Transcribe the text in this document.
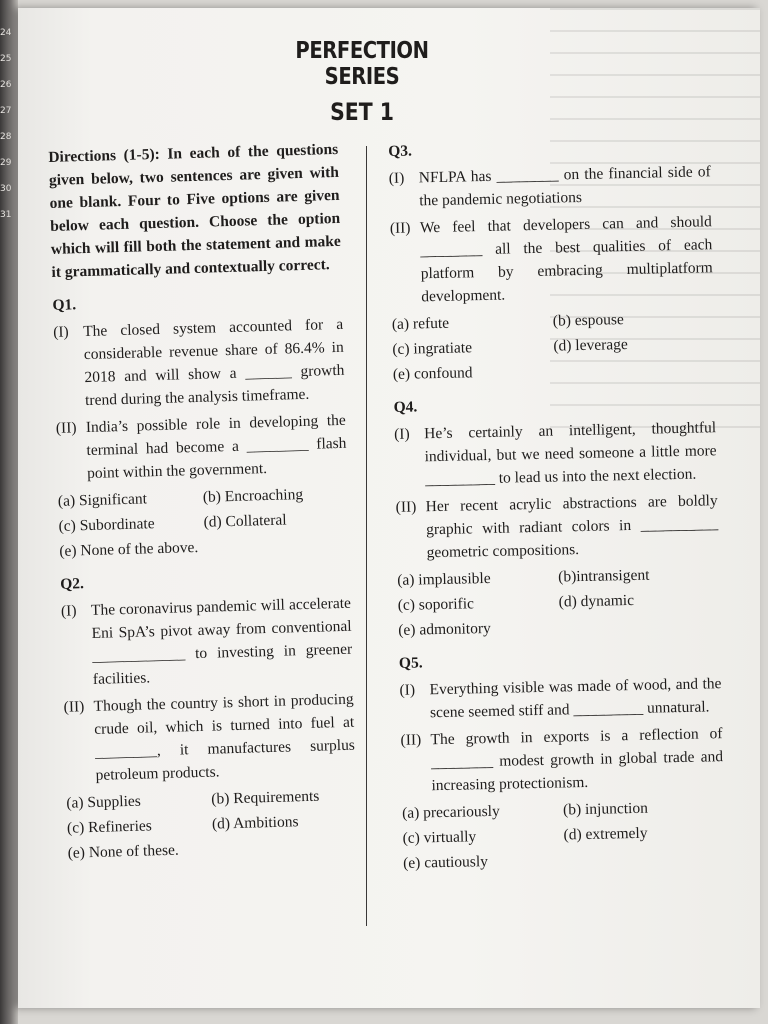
24
25
26
27
28
29
30
31
PERFECTION SERIES
SET 1
Directions (1-5): In each of the questions given below, two sentences are given with one blank. Four to Five options are given below each question. Choose the option which will fill both the statement and make it grammatically and contextually correct.
Q1.
(I) The closed system accounted for a considerable revenue share of 86.4% in 2018 and will show a ______ growth trend during the analysis timeframe.
(II) India’s possible role in developing the terminal had become a ________ flash point within the government.
(a) Significant	(b) Encroaching
(c) Subordinate	(d) Collateral
(e) None of the above.
Q2.
(I) The coronavirus pandemic will accelerate Eni SpA’s pivot away from conventional ____________ to investing in greener facilities.
(II) Though the country is short in producing crude oil, which is turned into fuel at ________, it manufactures surplus petroleum products.
(a) Supplies	(b) Requirements
(c) Refineries	(d) Ambitions
(e) None of these.
Q3.
(I) NFLPA has ________ on the financial side of the pandemic negotiations
(II) We feel that developers can and should ________ all the best qualities of each platform by embracing multiplatform development.
(a) refute	(b) espouse
(c) ingratiate	(d) leverage
(e) confound
Q4.
(I) He’s certainly an intelligent, thoughtful individual, but we need someone a little more _________ to lead us into the next election.
(II) Her recent acrylic abstractions are boldly graphic with radiant colors in __________ geometric compositions.
(a) implausible	(b)intransigent
(c) soporific	(d) dynamic
(e) admonitory
Q5.
(I) Everything visible was made of wood, and the scene seemed stiff and _________ unnatural.
(II) The growth in exports is a reflection of ________ modest growth in global trade and increasing protectionism.
(a) precariously	(b) injunction
(c) virtually	(d) extremely
(e) cautiously
